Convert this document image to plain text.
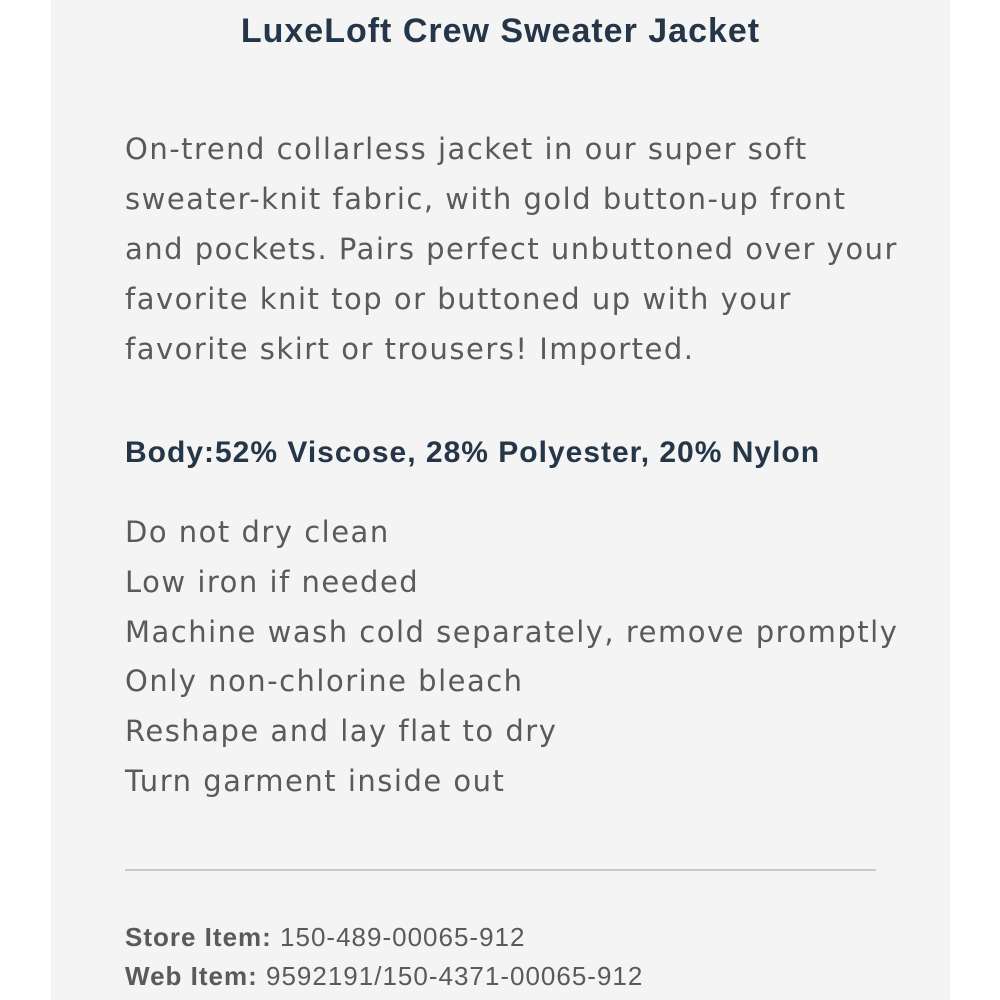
LuxeLoft Crew Sweater Jacket

On-trend collarless jacket in our super soft sweater-knit fabric, with gold button-up front and pockets. Pairs perfect unbuttoned over your favorite knit top or buttoned up with your favorite skirt or trousers! Imported.

Body:52% Viscose, 28% Polyester, 20% Nylon
Do not dry clean
Low iron if needed
Machine wash cold separately, remove promptly
Only non-chlorine bleach
Reshape and lay flat to dry
Turn garment inside out
Store Item: 150-489-00065-912
Web Item: 9592191/150-4371-00065-912
